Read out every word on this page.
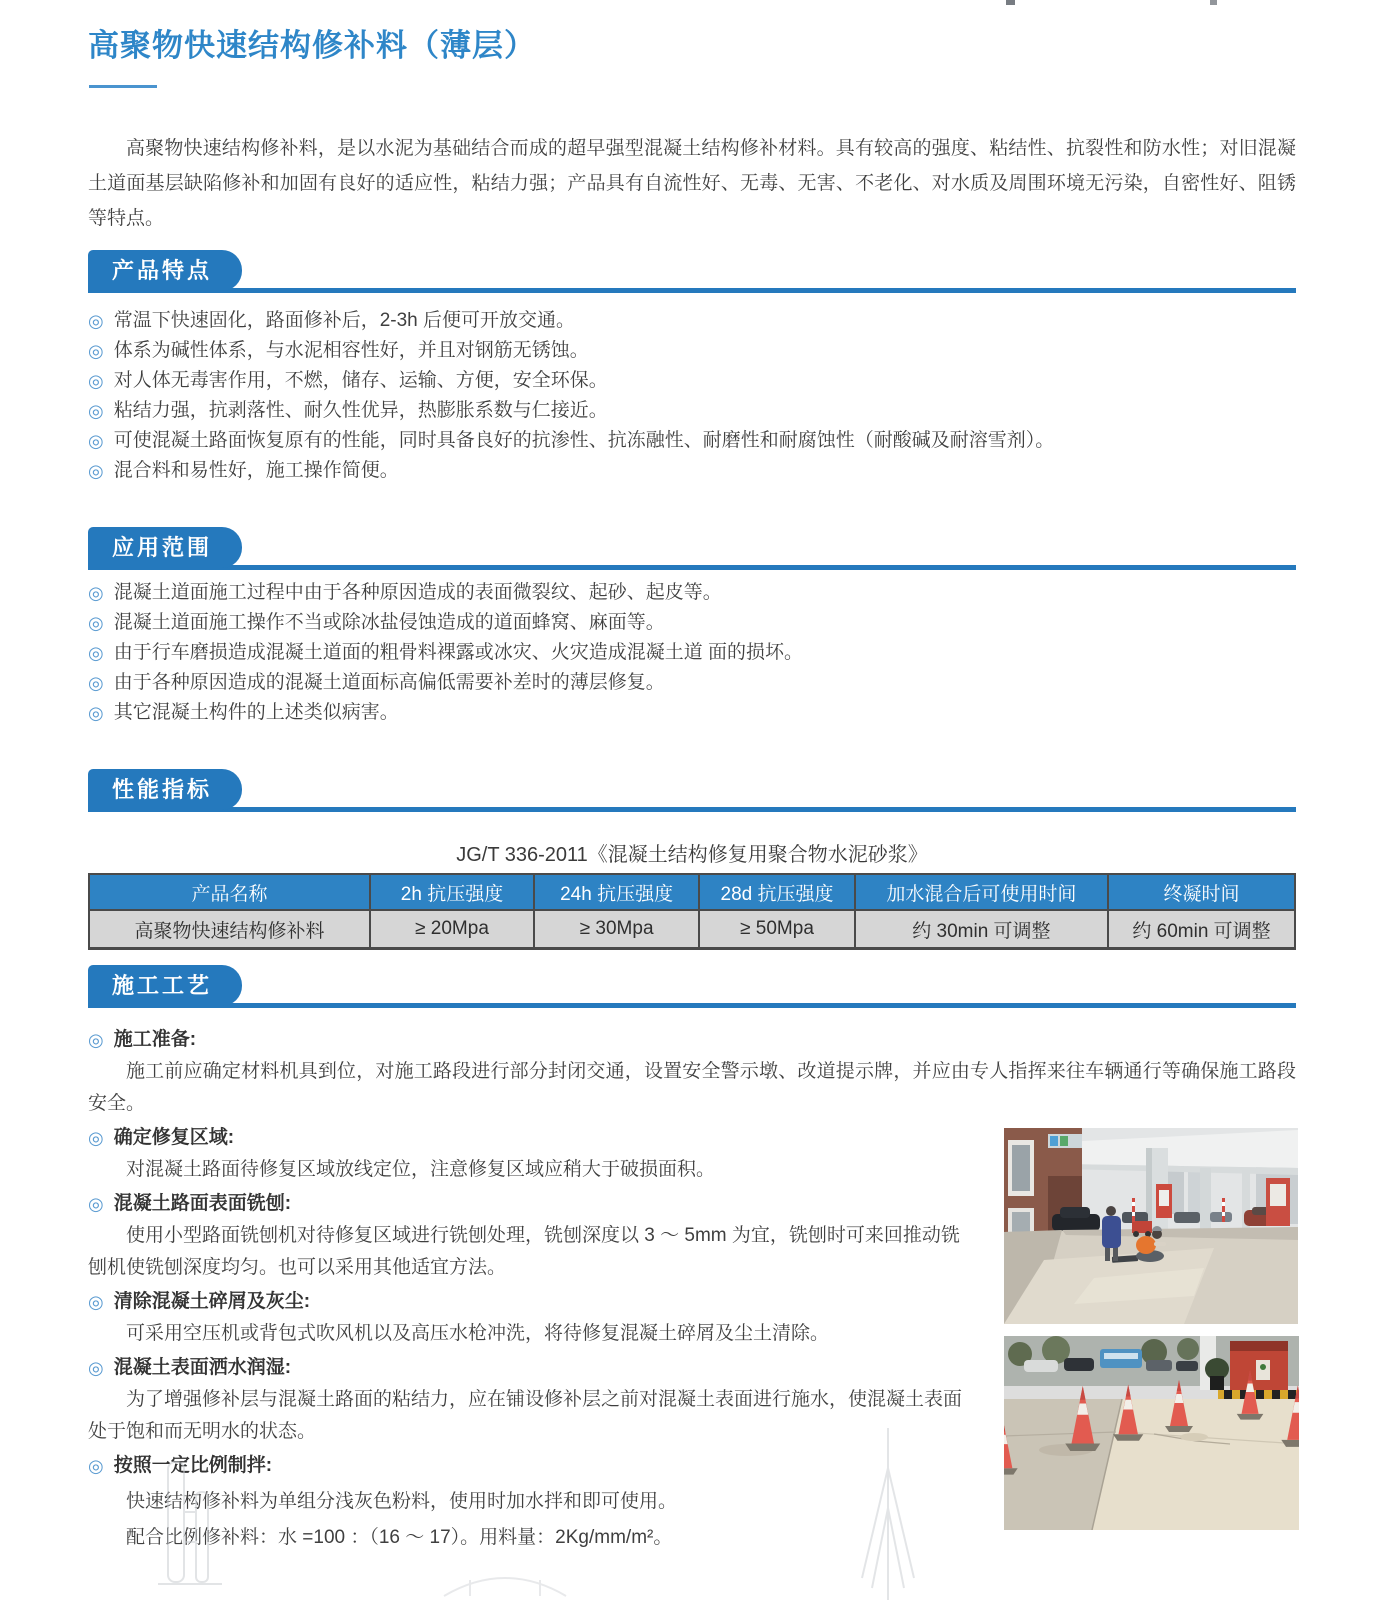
高聚物快速结构修补料（薄层）

高聚物快速结构修补料，是以水泥为基础结合而成的超早强型混凝土结构修补材料。具有较高的强度、粘结性、抗裂性和防水性；对旧混凝土道面基层缺陷修补和加固有良好的适应性，粘结力强；产品具有自流性好、无毒、无害、不老化、对水质及周围环境无污染，自密性好、阻锈等特点。

产品特点
◎ 常温下快速固化，路面修补后，2-3h 后便可开放交通。
◎ 体系为碱性体系，与水泥相容性好，并且对钢筋无锈蚀。
◎ 对人体无毒害作用，不燃，储存、运输、方便，安全环保。
◎ 粘结力强，抗剥落性、耐久性优异，热膨胀系数与仁接近。
◎ 可使混凝土路面恢复原有的性能，同时具备良好的抗渗性、抗冻融性、耐磨性和耐腐蚀性（耐酸碱及耐溶雪剂）。
◎ 混合料和易性好，施工操作简便。
应用范围
◎ 混凝土道面施工过程中由于各种原因造成的表面微裂纹、起砂、起皮等。
◎ 混凝土道面施工操作不当或除冰盐侵蚀造成的道面蜂窝、麻面等。
◎ 由于行车磨损造成混凝土道面的粗骨料裸露或冰灾、火灾造成混凝土道 面的损坏。
◎ 由于各种原因造成的混凝土道面标高偏低需要补差时的薄层修复。
◎ 其它混凝土构件的上述类似病害。
性能指标
JG/T 336-2011《混凝土结构修复用聚合物水泥砂浆》
产品名称	2h 抗压强度	24h 抗压强度	28d 抗压强度	加水混合后可使用时间	终凝时间
高聚物快速结构修补料	≥ 20Mpa	≥ 30Mpa	≥ 50Mpa	约 30min 可调整	约 60min 可调整
施工工艺
◎ 施工准备:

施工前应确定材料机具到位，对施工路段进行部分封闭交通，设置安全警示墩、改道提示牌，并应由专人指挥来往车辆通行等确保施工路段安全。

◎ 确定修复区域:

对混凝土路面待修复区域放线定位，注意修复区域应稍大于破损面积。

◎ 混凝土路面表面铣刨:

使用小型路面铣刨机对待修复区域进行铣刨处理，铣刨深度以 3 ～ 5mm 为宜，铣刨时可来回推动铣刨机使铣刨深度均匀。也可以采用其他适宜方法。

◎ 清除混凝土碎屑及灰尘:

可采用空压机或背包式吹风机以及高压水枪冲洗，将待修复混凝土碎屑及尘土清除。

◎ 混凝土表面洒水润湿:

为了增强修补层与混凝土路面的粘结力，应在铺设修补层之前对混凝土表面进行施水，使混凝土表面处于饱和而无明水的状态。

◎ 按照一定比例制拌:

快速结构修补料为单组分浅灰色粉料，使用时加水拌和即可使用。

配合比例修补料：水 =100 ：（16 ～ 17）。用料量：2Kg/mm/m²。
